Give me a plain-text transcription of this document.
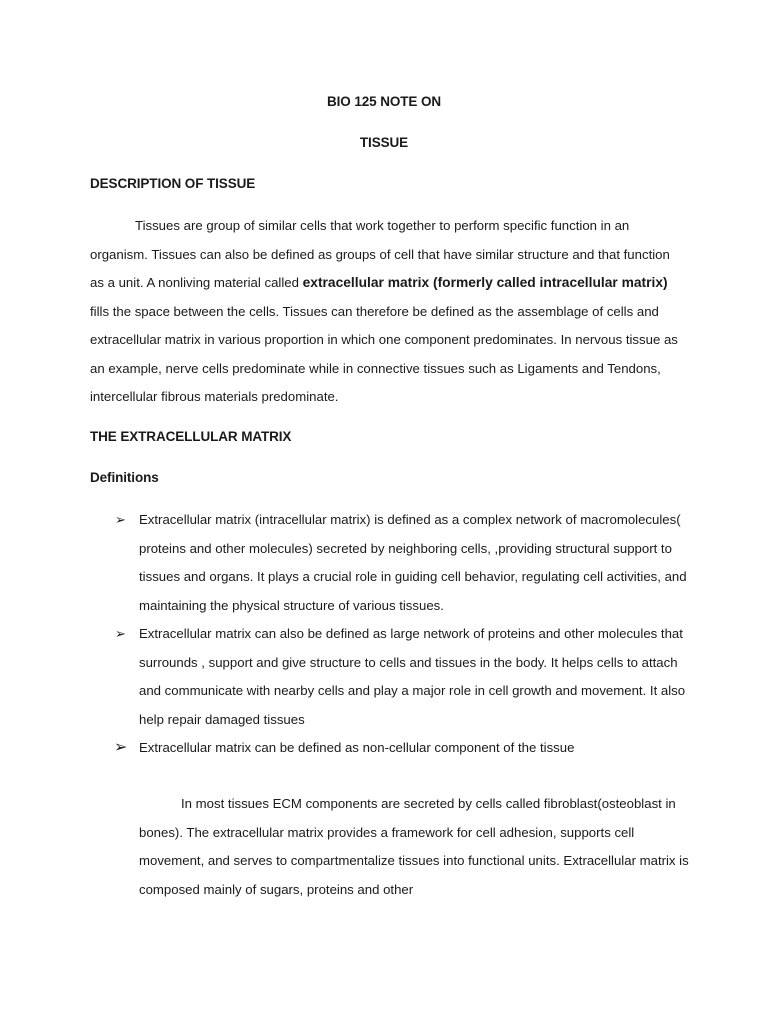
BIO 125 NOTE ON
TISSUE
DESCRIPTION OF TISSUE
Tissues are group of similar cells that work together to perform specific function in an organism. Tissues can also be defined as groups of cell that have similar structure and that function as a unit. A nonliving material called extracellular matrix (formerly called intracellular matrix) fills the space between the cells. Tissues can therefore be defined as the assemblage of cells and extracellular matrix in various proportion in which one component predominates. In nervous tissue as an example, nerve cells predominate while in connective tissues such as Ligaments and Tendons, intercellular fibrous materials predominate.
THE EXTRACELLULAR MATRIX
Definitions
➢ Extracellular matrix (intracellular matrix) is defined as a complex network of macromolecules( proteins and other molecules) secreted by neighboring cells, ,providing structural support to tissues and organs. It plays a crucial role in guiding cell behavior, regulating cell activities, and maintaining the physical structure of various tissues.
➢ Extracellular matrix can also be defined as large network of proteins and other molecules that surrounds , support and give structure to cells and tissues in the body. It helps cells to attach and communicate with nearby cells and play a major role in cell growth and movement. It also help repair damaged tissues
➢ Extracellular matrix can be defined as non-cellular component of the tissue
In most tissues ECM components are secreted by cells called fibroblast(osteoblast in bones). The extracellular matrix provides a framework for cell adhesion, supports cell movement, and serves to compartmentalize tissues into functional units. Extracellular matrix is composed mainly of sugars, proteins and other
